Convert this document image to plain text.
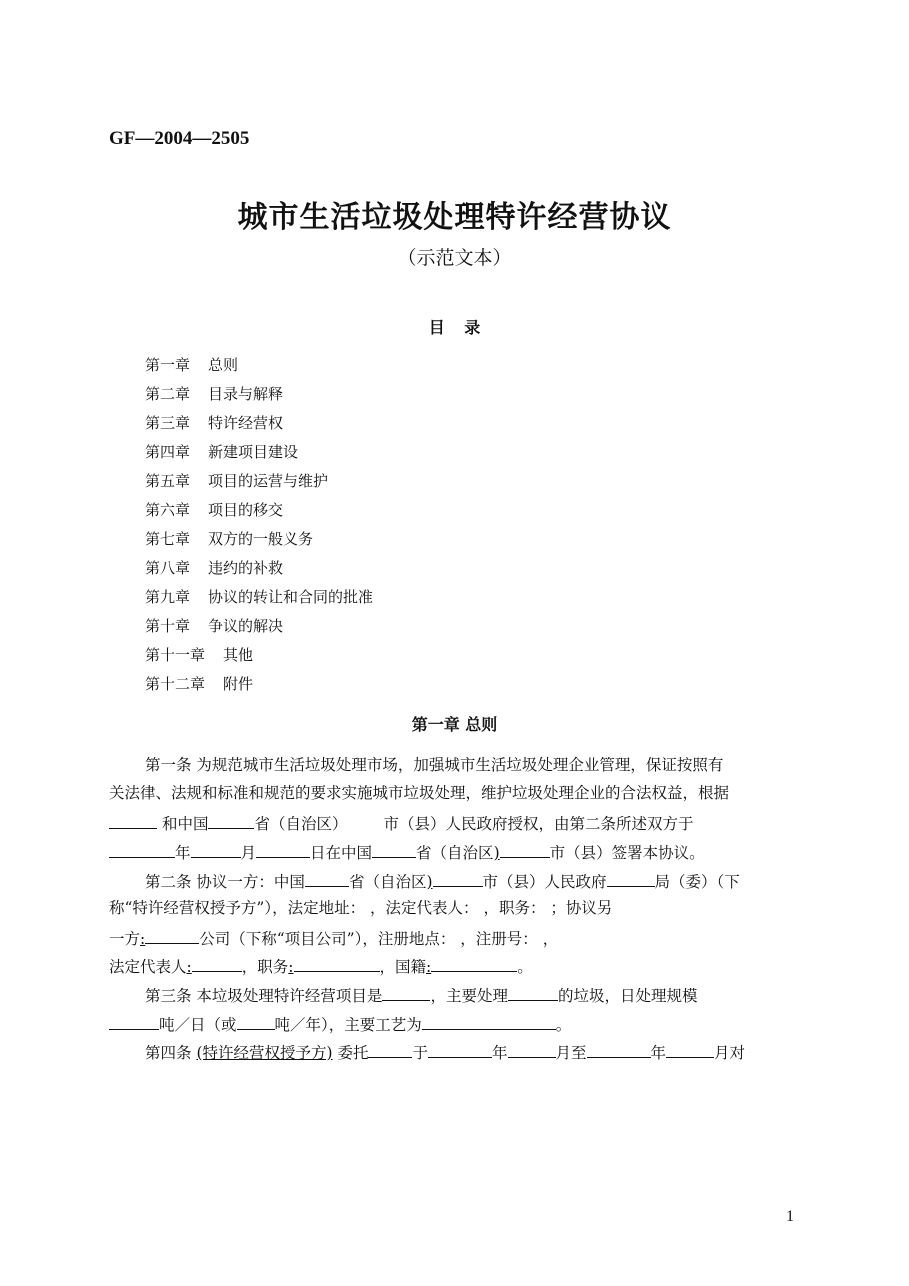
GF—2004—2505
城市生活垃圾处理特许经营协议
（示范文本）
目 录
第一章 总则
第二章 目录与解释
第三章 特许经营权
第四章 新建项目建设
第五章 项目的运营与维护
第六章 项目的移交
第七章 双方的一般义务
第八章 违约的补救
第九章 协议的转让和合同的批准
第十章 争议的解决
第十一章 其他
第十二章 附件
第一章 总则
第一条 为规范城市生活垃圾处理市场，加强城市生活垃圾处理企业管理，保证按照有
关法律、法规和标准和规范的要求实施城市垃圾处理，维护垃圾处理企业的合法权益，根据
和中国	省（自治区） 市（县）人民政府授权，由第二条所述双方于
年	月	日在中国	省（自治区)	市（县）签署本协议。
第二条 协议一方：中国	省（自治区)	市（县）人民政府	局（委）（下
称“特许经营权授予方”），法定地址： ，法定代表人： ，职务： ；协议另
一方:	公司（下称“项目公司”），注册地点： ，注册号： ，
法定代表人:	，职务:	，国籍:	。
第三条 本垃圾处理特许经营项目是	，主要处理	的垃圾，日处理规模
吨／日（或 吨／年），主要工艺为	。
第四条 (特许经营权授予方) 委托	于	年	月至	年	月对
1
